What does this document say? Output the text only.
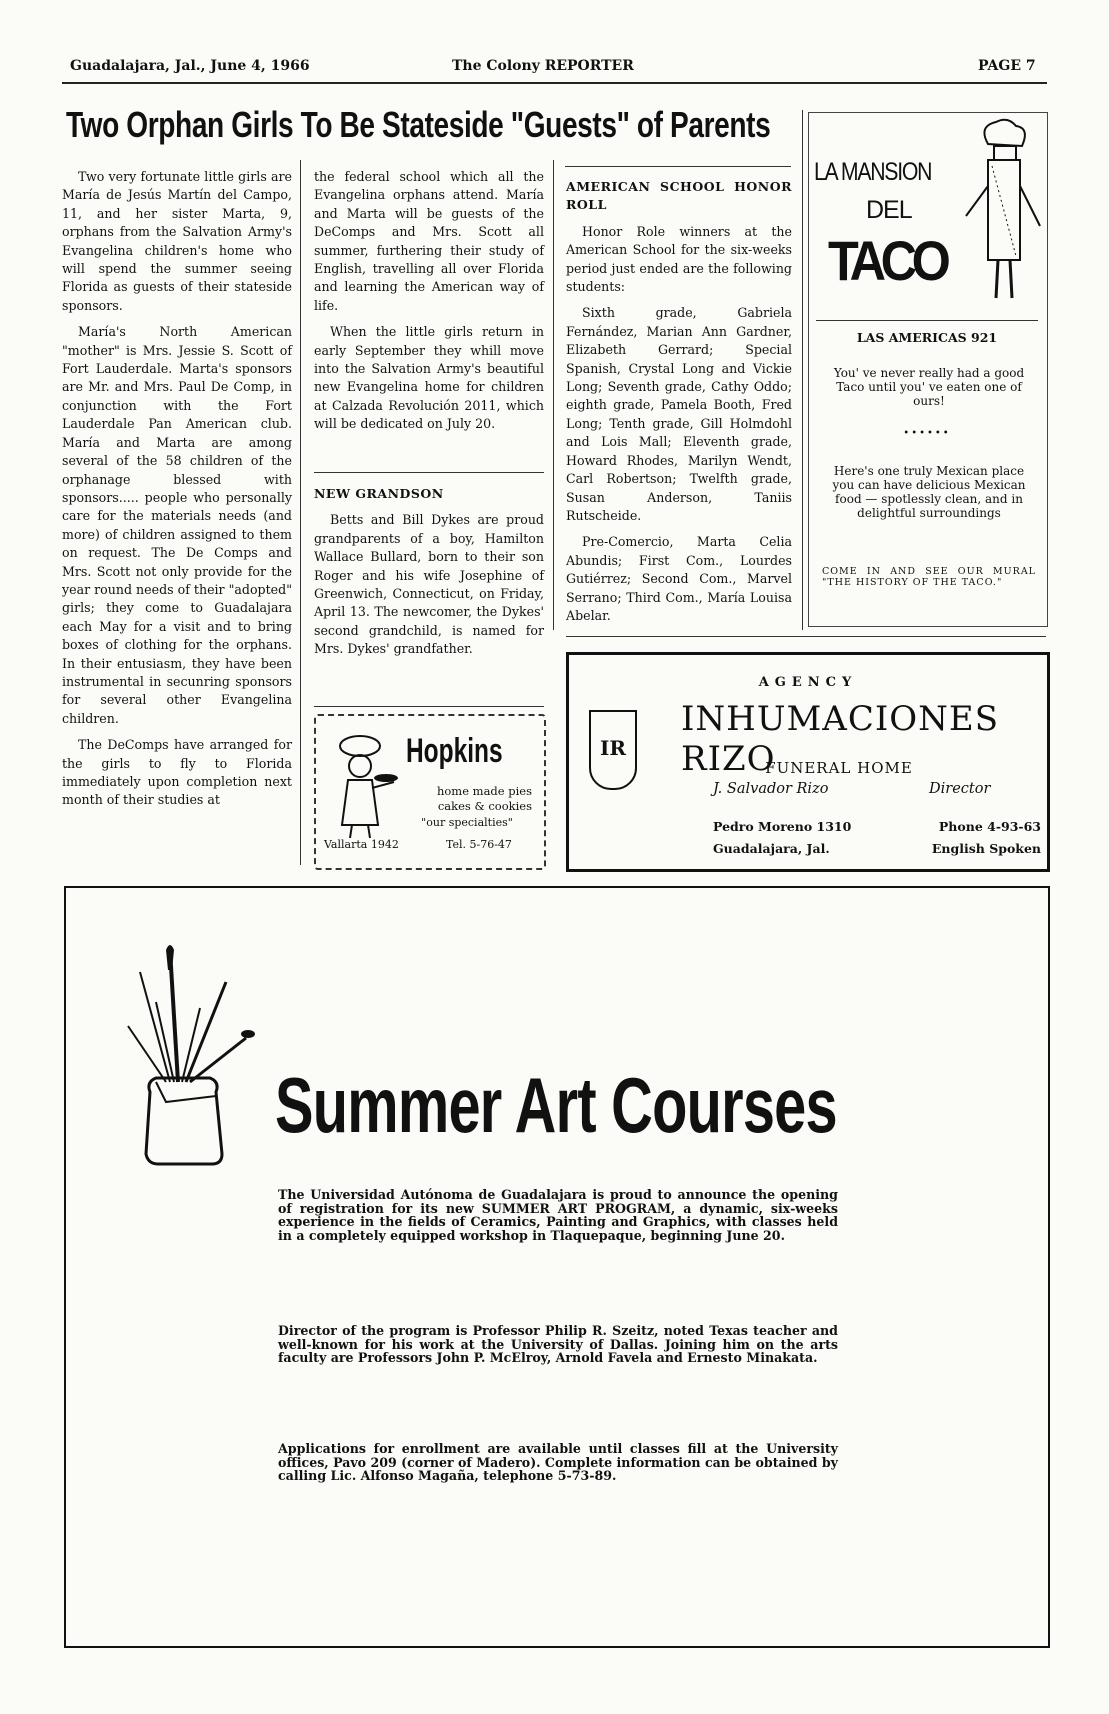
Guadalajara, Jal., June 4, 1966	The Colony REPORTER	PAGE 7
Two Orphan Girls To Be Stateside "Guests" of Parents

Two very fortunate little girls are María de Jesús Martín del Campo, 11, and her sister Marta, 9, orphans from the Salvation Army's Evangelina children's home who will spend the summer seeing Florida as guests of their stateside sponsors.

María's North American "mother" is Mrs. Jessie S. Scott of Fort Lauderdale. Marta's sponsors are Mr. and Mrs. Paul De Comp, in conjunction with the Fort Lauderdale Pan American club. María and Marta are among several of the 58 children of the orphanage blessed with sponsors..... people who personally care for the materials needs (and more) of children assigned to them on request. The De Comps and Mrs. Scott not only provide for the year round needs of their "adopted" girls; they come to Guadalajara each May for a visit and to bring boxes of clothing for the orphans. In their entusiasm, they have been instrumental in secunring sponsors for several other Evangelina children.

The DeComps have arranged for the girls to fly to Florida immediately upon completion next month of their studies at

the federal school which all the Evangelina orphans attend. María and Marta will be guests of the DeComps and Mrs. Scott all summer, furthering their study of English, travelling all over Florida and learning the American way of life.

When the little girls return in early September they whill move into the Salvation Army's beautiful new Evangelina home for children at Calzada Revolución 2011, which will be dedicated on July 20.

NEW GRANDSON

Betts and Bill Dykes are proud grandparents of a boy, Hamilton Wallace Bullard, born to their son Roger and his wife Josephine of Greenwich, Connecticut, on Friday, April 13. The newcomer, the Dykes' second grandchild, is named for Mrs. Dykes' grandfather.

Hopkins
home made pies cakes & cookies
"our specialties"
Vallarta 1942	Tel. 5-76-47

AMERICAN SCHOOL HONOR ROLL

Honor Role winners at the American School for the six-weeks period just ended are the following students:

Sixth grade, Gabriela Fernández, Marian Ann Gardner, Elizabeth Gerrard; Special Spanish, Crystal Long and Vickie Long; Seventh grade, Cathy Oddo; eighth grade, Pamela Booth, Fred Long; Tenth grade, Gill Holmdohl and Lois Mall; Eleventh grade, Howard Rhodes, Marilyn Wendt, Carl Robertson; Twelfth grade, Susan Anderson, Taniis Rutscheide.

Pre-Comercio, Marta Celia Abundis; First Com., Lourdes Gutiérrez; Second Com., Marvel Serrano; Third Com., María Louisa Abelar.

LA MANSION
DEL
TACO
LAS AMERICAS 921
You' ve never really had a good Taco until you' ve eaten one of ours!
••••••
Here's one truly Mexican place you can have delicious Mexican food — spotlessly clean, and in delightful surroundings
COME IN AND SEE OUR MURAL "THE HISTORY OF THE TACO."
AGENCY
IR
INHUMACIONES RIZO
FUNERAL HOME
J. Salvador Rizo	Director
Pedro Moreno 1310
Guadalajara, Jal.
Phone 4-93-63
English Spoken
Summer Art Courses
The Universidad Autónoma de Guadalajara is proud to announce the opening of registration for its new SUMMER ART PROGRAM, a dynamic, six-weeks experience in the fields of Ceramics, Painting and Graphics, with classes held in a completely equipped workshop in Tlaquepaque, beginning June 20.
Director of the program is Professor Philip R. Szeitz, noted Texas teacher and well-known for his work at the University of Dallas. Joining him on the arts faculty are Professors John P. McElroy, Arnold Favela and Ernesto Minakata.
Applications for enrollment are available until classes fill at the University offices, Pavo 209 (corner of Madero). Complete information can be obtained by calling Lic. Alfonso Magaña, telephone 5-73-89.
